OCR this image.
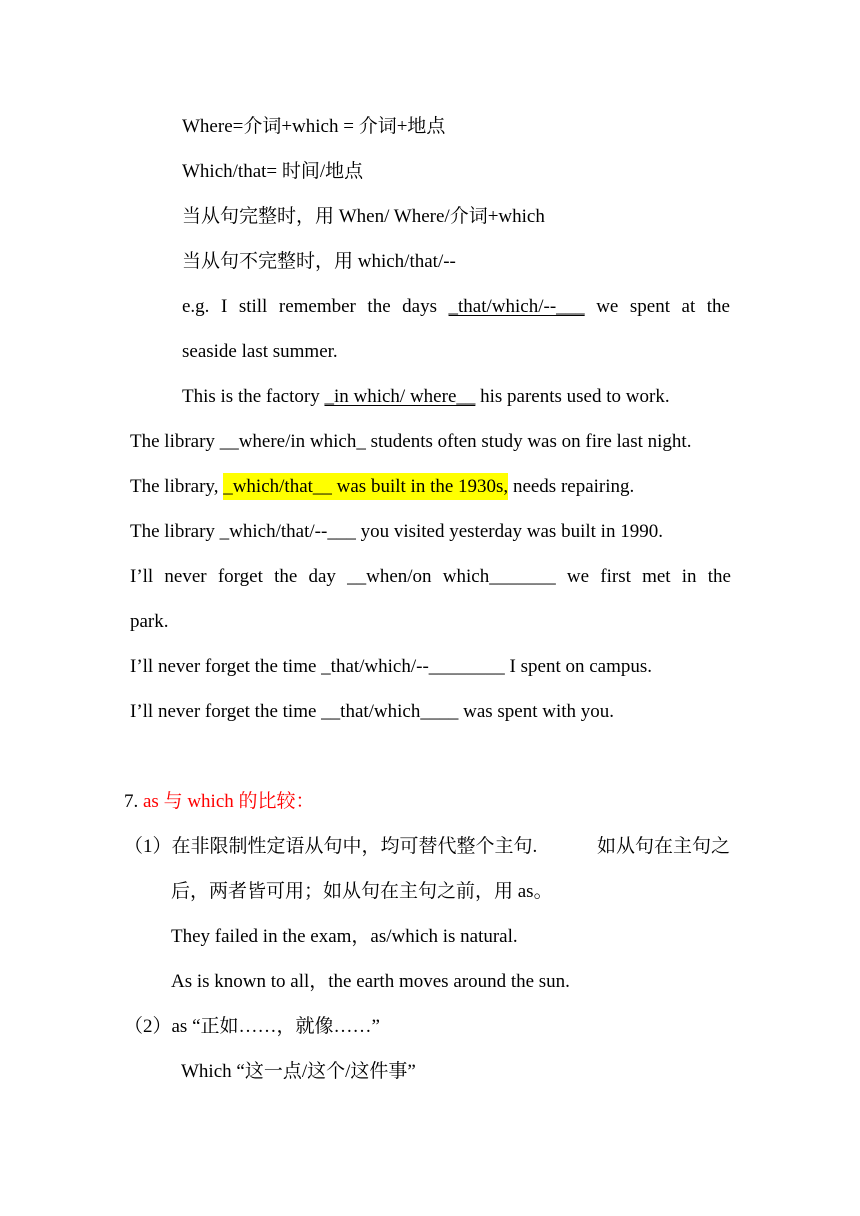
Where=介词+which = 介词+地点
Which/that= 时间/地点
当从句完整时，用 When/ Where/介词+which
当从句不完整时，用 which/that/--
e.g. I still remember the days _that/which/--___ we spent at the
seaside last summer.
This is the factory _in which/ where__ his parents used to work.
The library __where/in which_ students often study was on fire last night.
The library, _which/that__ was built in the 1930s, needs repairing.
The library _which/that/--___ you visited yesterday was built in 1990.
I’ll never forget the day __when/on which_______ we first met in the
park.
I’ll never forget the time _that/which/--________ I spent on campus.
I’ll never forget the time __that/which____ was spent with you.
7. as 与 which 的比较：
（1）在非限制性定语从句中，均可替代整个主句.	如从句在主句之
后，两者皆可用；如从句在主句之前，用 as。
They failed in the exam，as/which is natural.
As is known to all，the earth moves around the sun.
（2）as “正如……，就像……”
Which “这一点/这个/这件事”
